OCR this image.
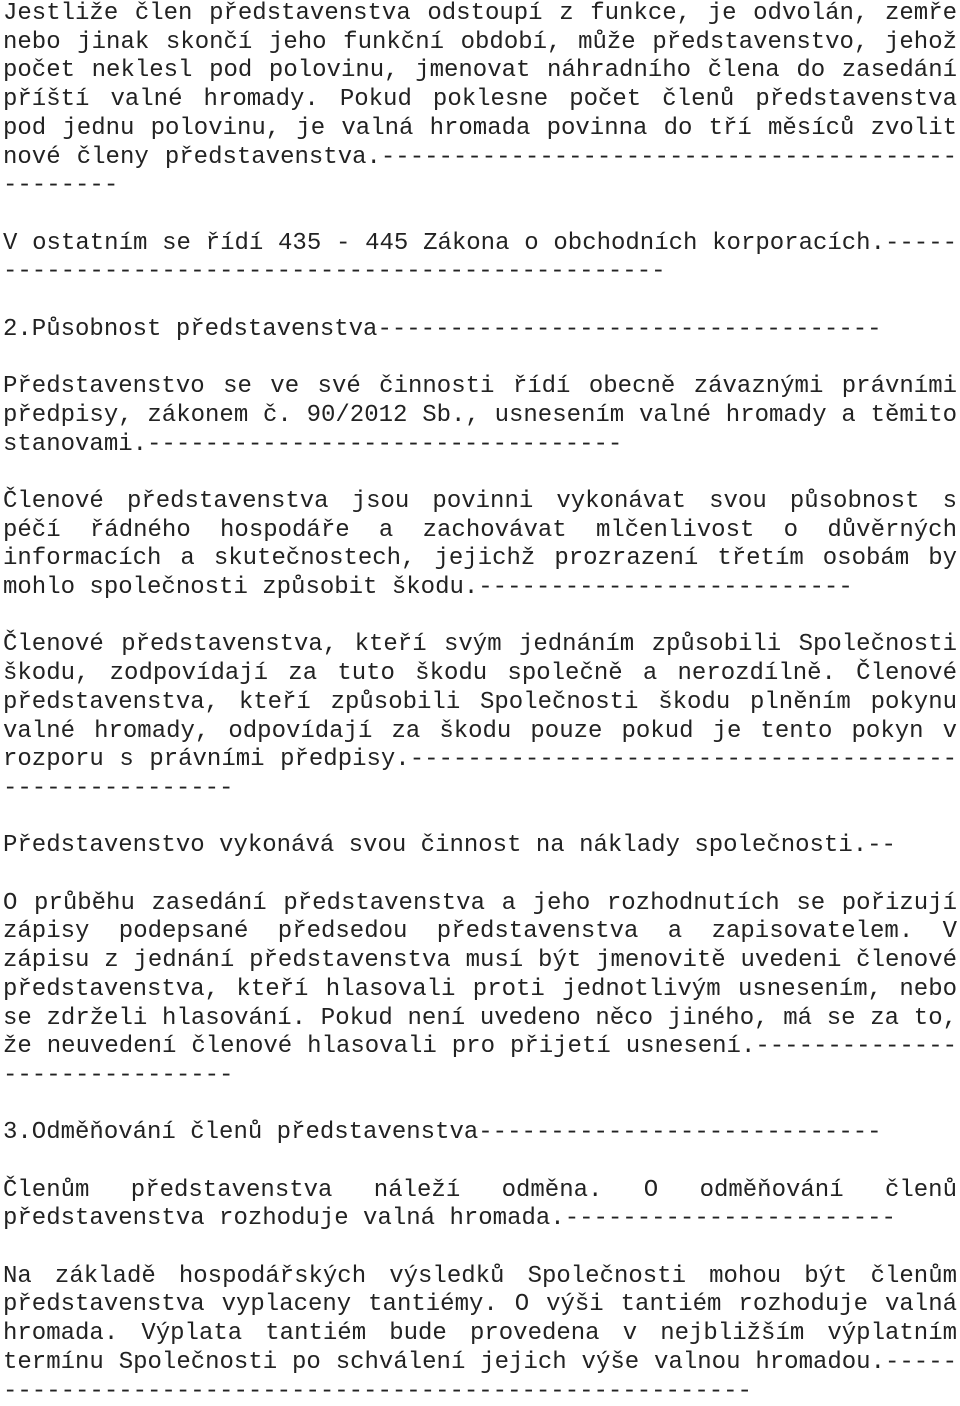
Jestliže člen představenstva odstoupí z funkce, je odvolán, zemře nebo jinak skončí jeho funkční období, může představenstvo, jehož počet neklesl pod polovinu, jmenovat náhradního člena do zasedání příští valné hromady. Pokud poklesne počet členů představenstva pod jednu polovinu, je valná hromada povinna do tří měsíců zvolit nové členy představenstva.------------------------------------------------

V ostatním se řídí 435 - 445 Zákona o obchodních korporacích.---------------------------------------------------

2.Působnost představenstva-----------------------------------

Představenstvo se ve své činnosti řídí obecně závaznými právními předpisy, zákonem č. 90/2012 Sb., usnesením valné hromady a těmito stanovami.---------------------------------

Členové představenstva jsou povinni vykonávat svou působnost s péčí řádného hospodáře a zachovávat mlčenlivost o důvěrných informacích a skutečnostech, jejichž prozrazení třetím osobám by mohlo společnosti způsobit škodu.--------------------------

Členové představenstva, kteří svým jednáním způsobili Společnosti škodu, zodpovídají za tuto škodu společně a nerozdílně. Členové představenstva, kteří způsobili Společnosti škodu plněním pokynu valné hromady, odpovídají za škodu pouze pokud je tento pokyn v rozporu s právními předpisy.------------------------------------------------------

Představenstvo vykonává svou činnost na náklady společnosti.--

O průběhu zasedání představenstva a jeho rozhodnutích se pořizují zápisy podepsané předsedou představenstva a zapisovatelem. V zápisu z jednání představenstva musí být jmenovitě uvedeni členové představenstva, kteří hlasovali proti jednotlivým usnesením, nebo se zdrželi hlasování. Pokud není uvedeno něco jiného, má se za to, že neuvedení členové hlasovali pro přijetí usnesení.------------------------------

3.Odměňování členů představenstva----------------------------

Členům představenstva náleží odměna. O odměňování členů představenstva rozhoduje valná hromada.-----------------------

Na základě hospodářských výsledků Společnosti mohou být členům představenstva vyplaceny tantiémy. O výši tantiém rozhoduje valná hromada. Výplata tantiém bude provedena v nejbližším výplatním termínu Společnosti po schválení jejich výše valnou hromadou.---------------------------------------------------------
